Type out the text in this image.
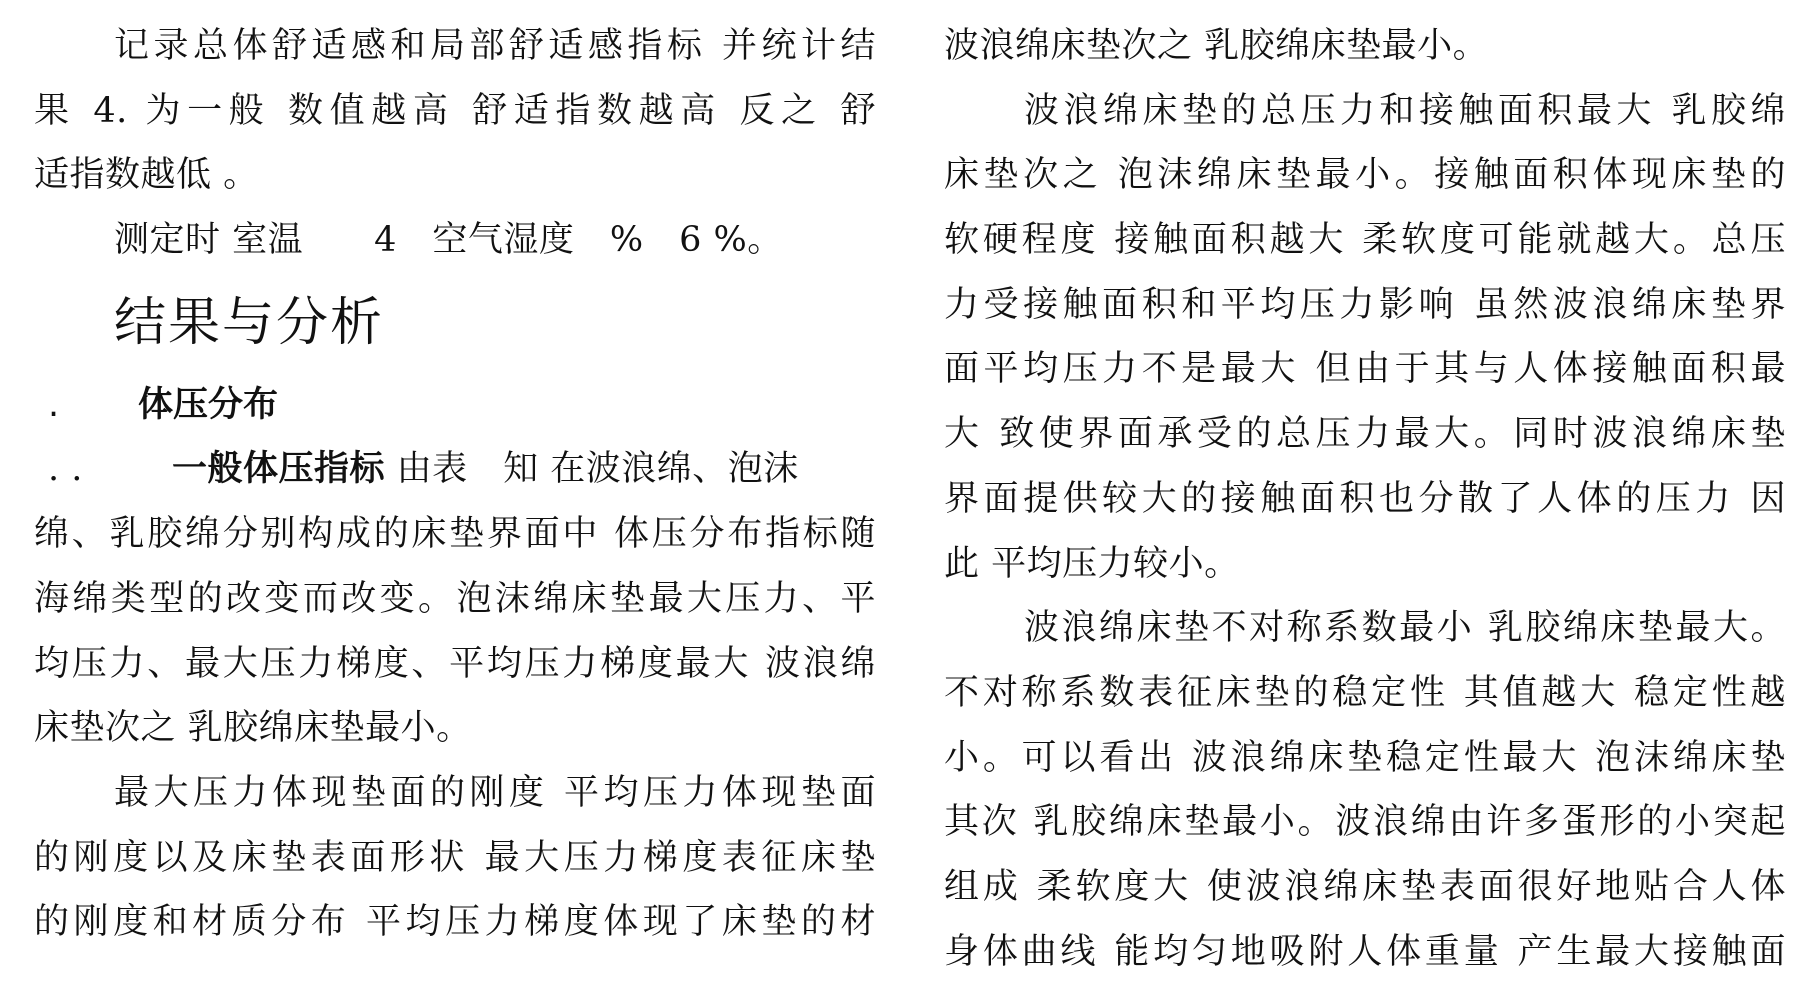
记录总体舒适感和局部舒适感指标 并统计结
果 4. 为一般 数值越高 舒适指数越高 反之 舒
适指数越低 。
测定时 室温　　4　空气湿度　%　6 %。
结果与分析
. 体压分布
. .	一般体压指标 由表　知 在波浪绵、泡沫
绵、乳胶绵分别构成的床垫界面中 体压分布指标随
海绵类型的改变而改变。泡沫绵床垫最大压力、平
均压力、最大压力梯度、平均压力梯度最大 波浪绵
床垫次之 乳胶绵床垫最小。
最大压力体现垫面的刚度 平均压力体现垫面
的刚度以及床垫表面形状 最大压力梯度表征床垫
的刚度和材质分布 平均压力梯度体现了床垫的材
波浪绵床垫次之 乳胶绵床垫最小。
波浪绵床垫的总压力和接触面积最大 乳胶绵
床垫次之 泡沫绵床垫最小。接触面积体现床垫的
软硬程度 接触面积越大 柔软度可能就越大。总压
力受接触面积和平均压力影响 虽然波浪绵床垫界
面平均压力不是最大 但由于其与人体接触面积最
大 致使界面承受的总压力最大。同时波浪绵床垫
界面提供较大的接触面积也分散了人体的压力 因
此 平均压力较小。
波浪绵床垫不对称系数最小 乳胶绵床垫最大。
不对称系数表征床垫的稳定性 其值越大 稳定性越
小。可以看出 波浪绵床垫稳定性最大 泡沫绵床垫
其次 乳胶绵床垫最小。波浪绵由许多蛋形的小突起
组成 柔软度大 使波浪绵床垫表面很好地贴合人体
身体曲线 能均匀地吸附人体重量 产生最大接触面
